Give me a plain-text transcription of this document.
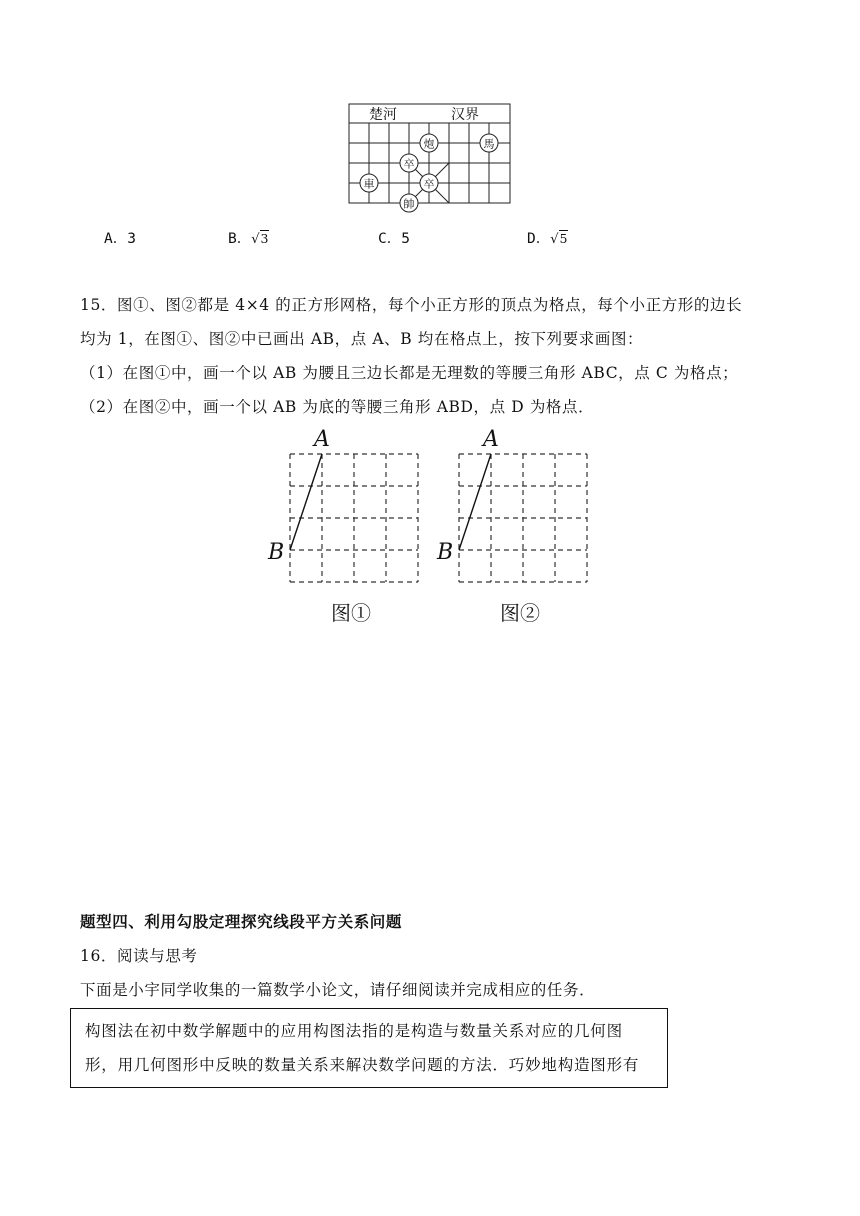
楚河	汉界
炮	馬
卒
車	卒
帥
A．3	B．√3	C．5	D．√5
15．图①、图②都是 4×4 的正方形网格，每个小正方形的顶点为格点，每个小正方形的边长
均为 1，在图①、图②中已画出 AB，点 A、B 均在格点上，按下列要求画图：
（1）在图①中，画一个以 AB 为腰且三边长都是无理数的等腰三角形 ABC，点 C 为格点；
（2）在图②中，画一个以 AB 为底的等腰三角形 ABD，点 D 为格点．
A
B
图①
A
B
图②
题型四、利用勾股定理探究线段平方关系问题
16．阅读与思考
下面是小宇同学收集的一篇数学小论文，请仔细阅读并完成相应的任务．

构图法在初中数学解题中的应用构图法指的是构造与数量关系对应的几何图

形，用几何图形中反映的数量关系来解决数学问题的方法．巧妙地构造图形有
